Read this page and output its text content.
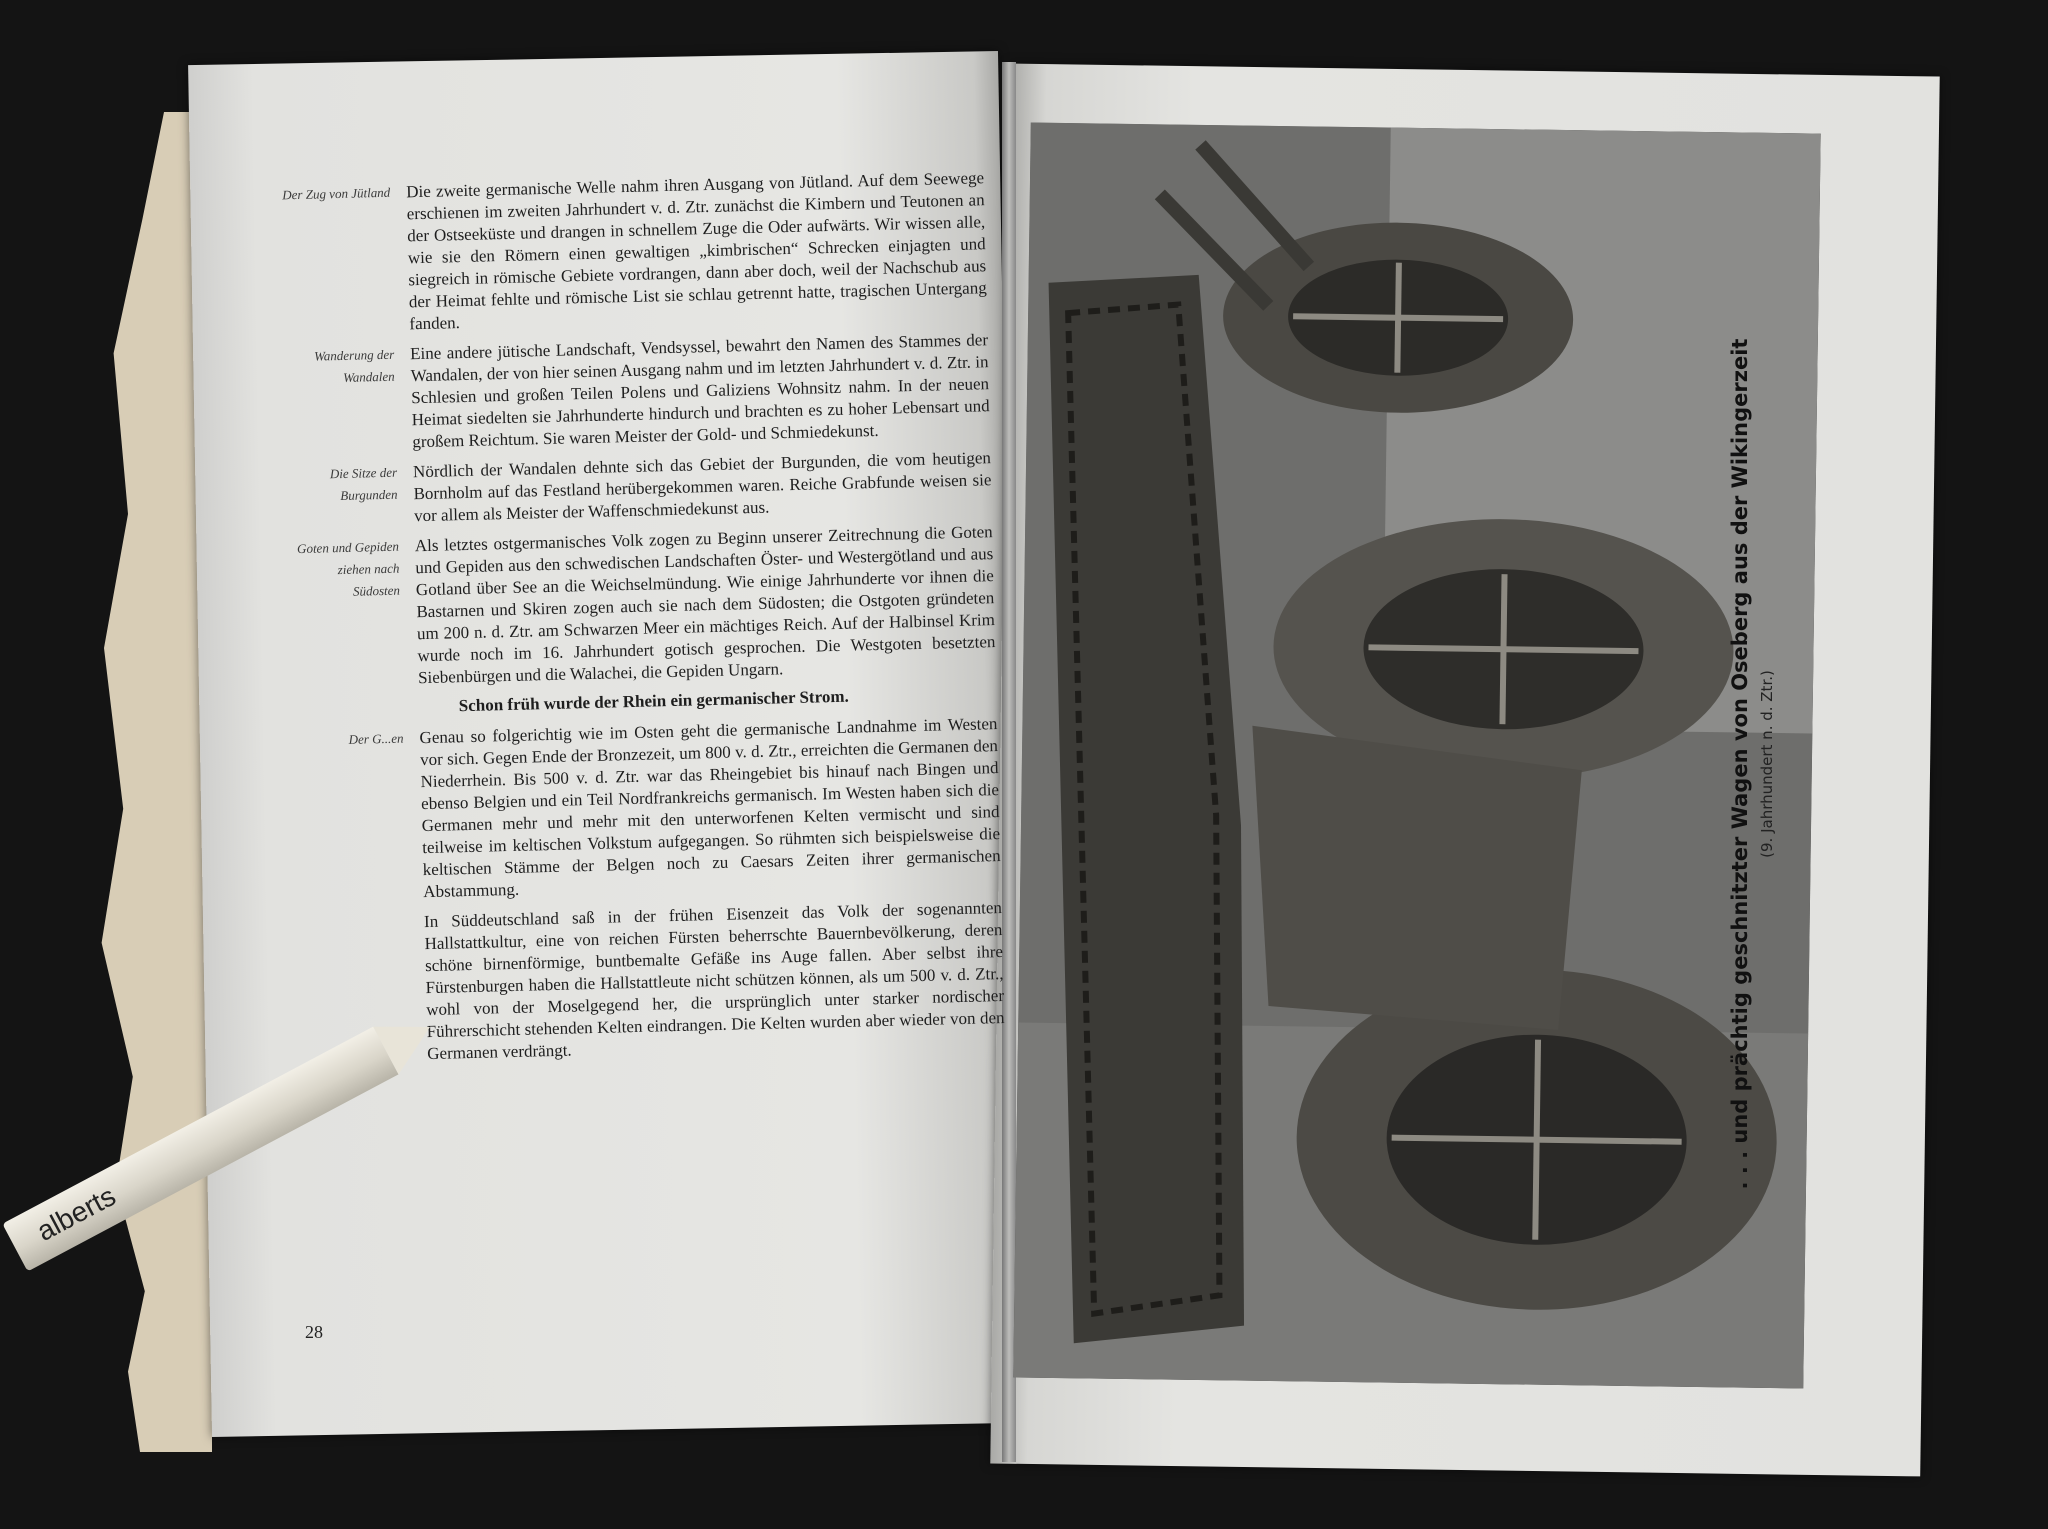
Der Zug von Jütland Die zweite germanische Welle nahm ihren Ausgang von Jütland. Auf dem Seewege erschienen im zweiten Jahrhundert v. d. Ztr. zunächst die Kimbern und Teutonen an der Ostseeküste und drangen in schnellem Zuge die Oder aufwärts. Wir wissen alle, wie sie den Römern einen gewaltigen „kimbrischen“ Schrecken einjagten und siegreich in römische Gebiete vordrangen, dann aber doch, weil der Nachschub aus der Heimat fehlte und römische List sie schlau getrennt hatte, tragischen Untergang fanden.

Wanderung der Wandalen

Eine andere jütische Landschaft, Vendsyssel, bewahrt den Namen des Stammes der Wandalen, der von hier seinen Ausgang nahm und im letzten Jahrhundert v. d. Ztr. in Schlesien und großen Teilen Polens und Galiziens Wohnsitz nahm. In der neuen Heimat siedelten sie Jahrhunderte hindurch und brachten es zu hoher Lebensart und großem Reichtum. Sie waren Meister der Gold- und Schmiedekunst.

Die Sitze der Burgunden

Nördlich der Wandalen dehnte sich das Gebiet der Burgunden, die vom heutigen Bornholm auf das Festland herübergekommen waren. Reiche Grabfunde weisen sie vor allem als Meister der Waffenschmiedekunst aus.

Goten und Gepiden ziehen nach Südosten

Als letztes ostgermanisches Volk zogen zu Beginn unserer Zeitrechnung die Goten und Gepiden aus den schwedischen Landschaften Öster- und Westergötland und aus Gotland über See an die Weichselmündung. Wie einige Jahrhunderte vor ihnen die Bastarnen und Skiren zogen auch sie nach dem Südosten; die Ostgoten gründeten um 200 n. d. Ztr. am Schwarzen Meer ein mächtiges Reich. Auf der Halbinsel Krim wurde noch im 16. Jahrhundert gotisch gesprochen. Die Westgoten besetzten Siebenbürgen und die Walachei, die Gepiden Ungarn.

Schon früh wurde der Rhein ein germanischer Strom.

Der G...en Genau so folgerichtig wie im Osten geht die germanische Landnahme im Westen vor sich. Gegen Ende der Bronzezeit, um 800 v. d. Ztr., erreichten die Germanen den Niederrhein. Bis 500 v. d. Ztr. war das Rheingebiet bis hinauf nach Bingen und ebenso Belgien und ein Teil Nordfrankreichs germanisch. Im Westen haben sich die Germanen mehr und mehr mit den unterworfenen Kelten vermischt und sind teilweise im keltischen Volkstum aufgegangen. So rühmten sich beispielsweise die keltischen Stämme der Belgen noch zu Caesars Zeiten ihrer germanischen Abstammung.

In Süddeutschland saß in der frühen Eisenzeit das Volk der sogenannten Hallstattkultur, eine von reichen Fürsten beherrschte Bauernbevölkerung, deren schöne birnenförmige, buntbemalte Gefäße ins Auge fallen. Aber selbst ihre Fürstenburgen haben die Hallstattleute nicht schützen können, als um 500 v. d. Ztr., wohl von der Moselgegend her, die ursprünglich unter starker nordischer Führerschicht stehenden Kelten eindrangen. Die Kelten wurden aber wieder von den Germanen verdrängt.

28

. . . und prächtig geschnitzter Wagen von Oseberg aus der Wikingerzeit (9. Jahrhundert n. d. Ztr.)

alberts
